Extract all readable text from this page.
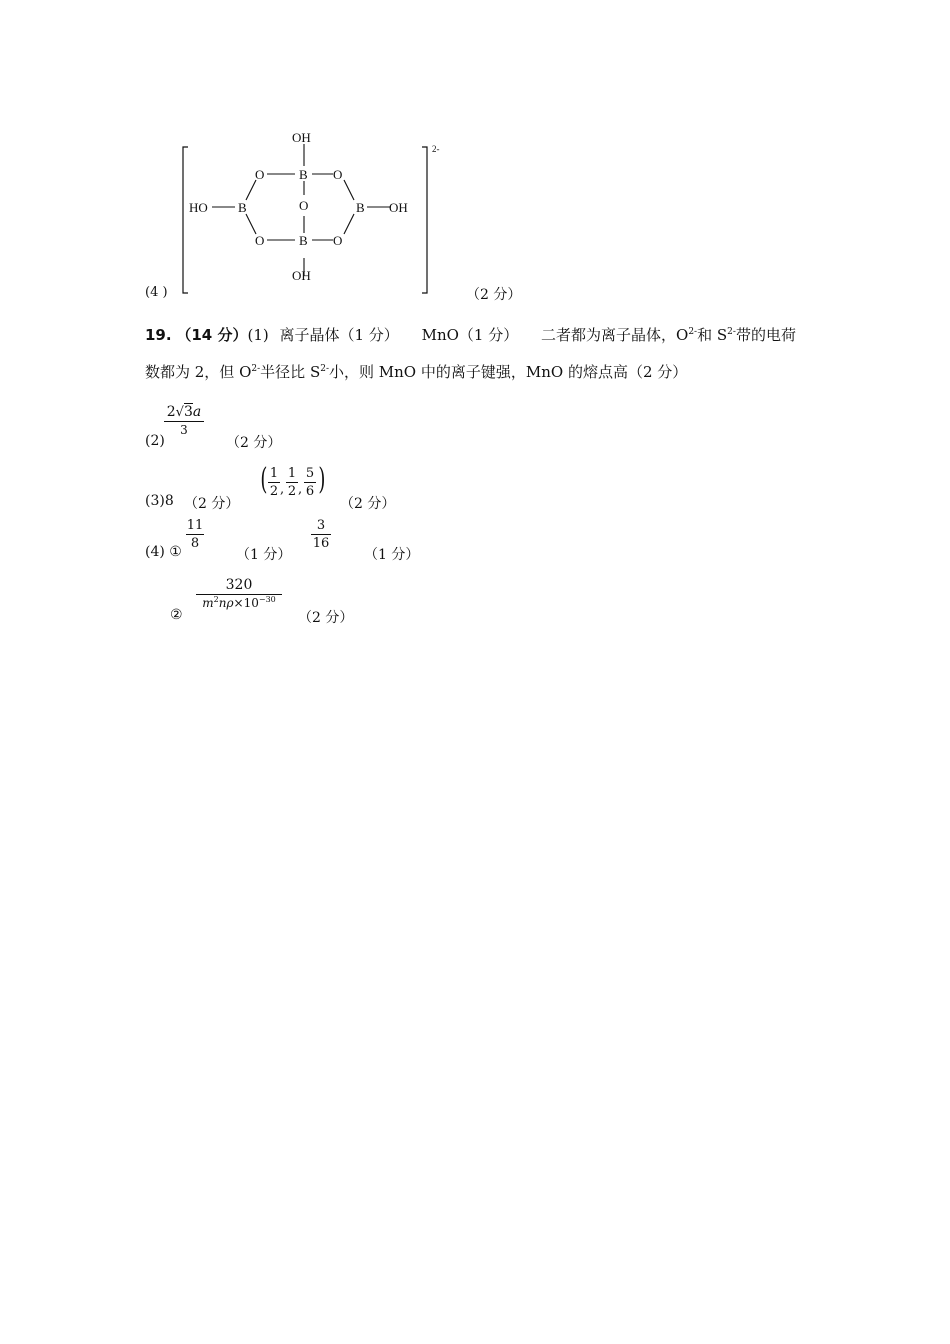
(4 )
2-
OH
B
O	O
HO B	O	B OH
O	B O
OH
（2 分）
19. （14 分）(1) 离子晶体（1 分） MnO（1 分） 二者都为离子晶体，$O^{2-}$和 $S^{2-}$带的电荷
数都为 2，但 $O^{2-}$半径比 $S^{2-}$小，则 MnO 中的离子键强，MnO 的熔点高（2 分）
(2)
2√3a
3
（2 分）
(3)8 （2 分）
( 1
2 ,
1
2 ,
5
6 )
（2 分）
(4) ①
11
8
（1 分）
3
16
（1 分）
②
320
$m^2n\rho\times 10^{-30}$
（2 分）
